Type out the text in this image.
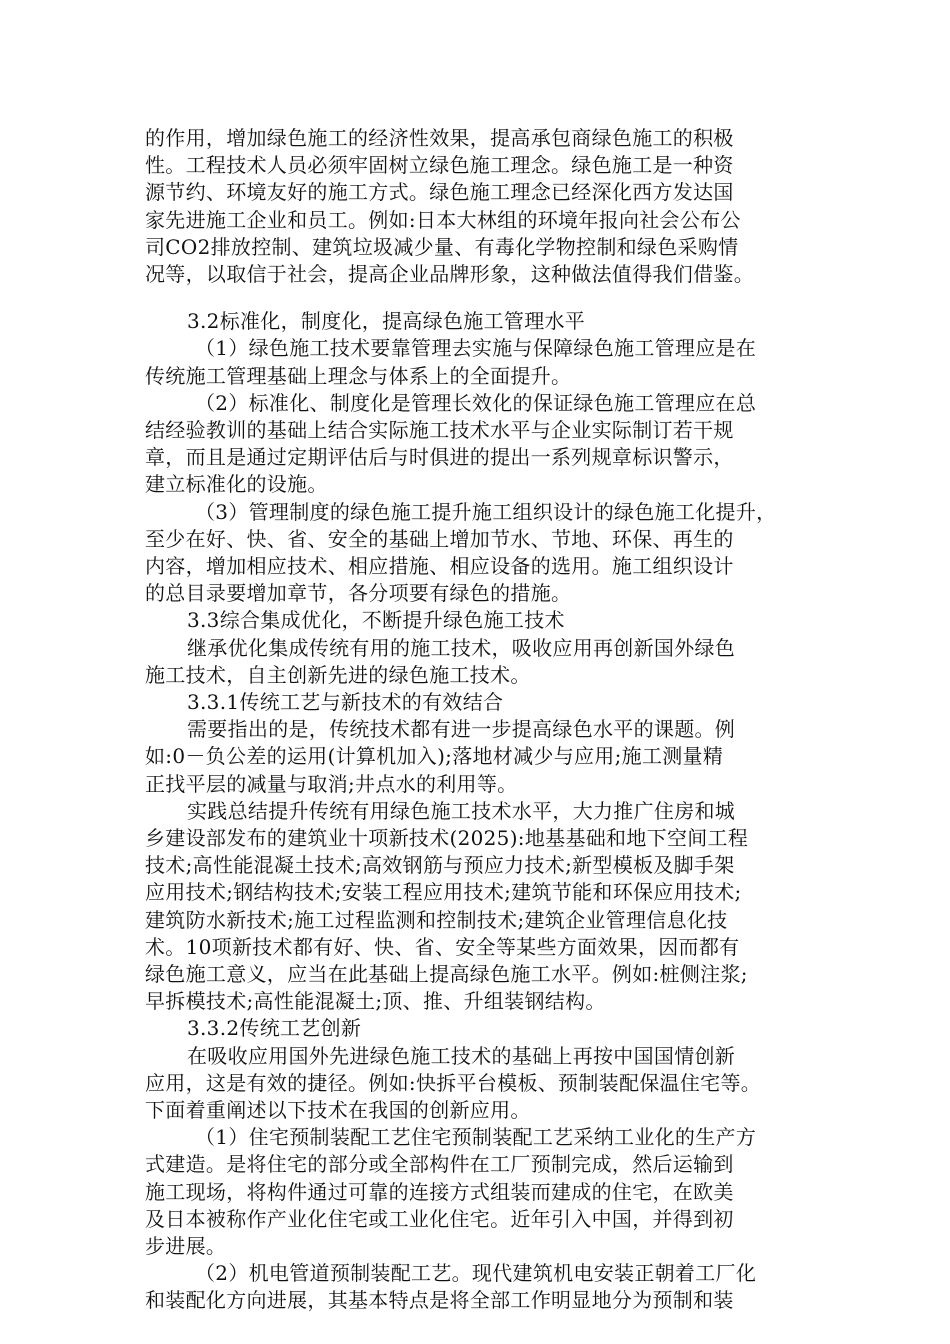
的作用，增加绿色施工的经济性效果，提高承包商绿色施工的积极
性。工程技术人员必须牢固树立绿色施工理念。绿色施工是一种资
源节约、环境友好的施工方式。绿色施工理念已经深化西方发达国
家先进施工企业和员工。例如:日本大林组的环境年报向社会公布公
司CO2排放控制、建筑垃圾减少量、有毒化学物控制和绿色采购情
况等，以取信于社会，提高企业品牌形象，这种做法值得我们借鉴。
3.2标准化，制度化，提高绿色施工管理水平
（1）绿色施工技术要靠管理去实施与保障绿色施工管理应是在
传统施工管理基础上理念与体系上的全面提升。
（2）标准化、制度化是管理长效化的保证绿色施工管理应在总
结经验教训的基础上结合实际施工技术水平与企业实际制订若干规
章，而且是通过定期评估后与时俱进的提出一系列规章标识警示，
建立标准化的设施。
（3）管理制度的绿色施工提升施工组织设计的绿色施工化提升，
至少在好、快、省、安全的基础上增加节水、节地、环保、再生的
内容，增加相应技术、相应措施、相应设备的选用。施工组织设计
的总目录要增加章节，各分项要有绿色的措施。
3.3综合集成优化，不断提升绿色施工技术
继承优化集成传统有用的施工技术，吸收应用再创新国外绿色
施工技术，自主创新先进的绿色施工技术。
3.3.1传统工艺与新技术的有效结合
需要指出的是，传统技术都有进一步提高绿色水平的课题。例
如:0－负公差的运用(计算机加入);落地材减少与应用;施工测量精
正找平层的减量与取消;井点水的利用等。
实践总结提升传统有用绿色施工技术水平，大力推广住房和城
乡建设部发布的建筑业十项新技术(2025):地基基础和地下空间工程
技术;高性能混凝土技术;高效钢筋与预应力技术;新型模板及脚手架
应用技术;钢结构技术;安装工程应用技术;建筑节能和环保应用技术;
建筑防水新技术;施工过程监测和控制技术;建筑企业管理信息化技
术。10项新技术都有好、快、省、安全等某些方面效果，因而都有
绿色施工意义，应当在此基础上提高绿色施工水平。例如:桩侧注浆;
早拆模技术;高性能混凝土;顶、推、升组装钢结构。
3.3.2传统工艺创新
在吸收应用国外先进绿色施工技术的基础上再按中国国情创新
应用，这是有效的捷径。例如:快拆平台模板、预制装配保温住宅等。
下面着重阐述以下技术在我国的创新应用。
（1）住宅预制装配工艺住宅预制装配工艺采纳工业化的生产方
式建造。是将住宅的部分或全部构件在工厂预制完成，然后运输到
施工现场，将构件通过可靠的连接方式组装而建成的住宅，在欧美
及日本被称作产业化住宅或工业化住宅。近年引入中国，并得到初
步进展。
（2）机电管道预制装配工艺。现代建筑机电安装正朝着工厂化
和装配化方向进展，其基本特点是将全部工作明显地分为预制和装
